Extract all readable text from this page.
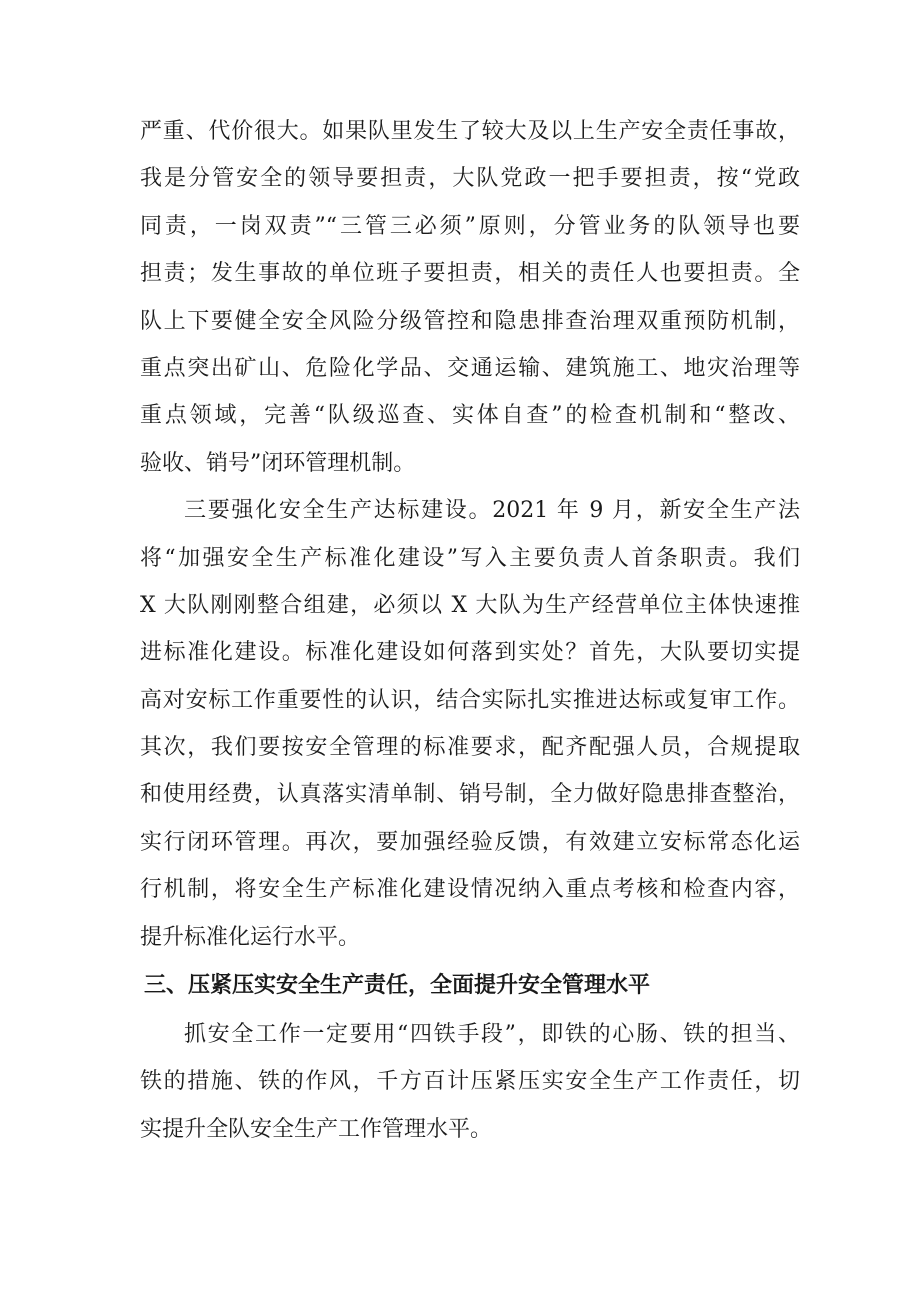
严重、代价很大。如果队里发生了较大及以上生产安全责任事故，
我是分管安全的领导要担责，大队党政一把手要担责，按“党政
同责，一岗双责”“三管三必须”原则，分管业务的队领导也要
担责；发生事故的单位班子要担责，相关的责任人也要担责。全
队上下要健全安全风险分级管控和隐患排查治理双重预防机制，
重点突出矿山、危险化学品、交通运输、建筑施工、地灾治理等
重点领域，完善“队级巡查、实体自查”的检查机制和“整改、
验收、销号”闭环管理机制。
三要强化安全生产达标建设。2021 年 9 月，新安全生产法
将“加强安全生产标准化建设”写入主要负责人首条职责。我们
X 大队刚刚整合组建，必须以 X 大队为生产经营单位主体快速推
进标准化建设。标准化建设如何落到实处？首先，大队要切实提
高对安标工作重要性的认识，结合实际扎实推进达标或复审工作。
其次，我们要按安全管理的标准要求，配齐配强人员，合规提取
和使用经费，认真落实清单制、销号制，全力做好隐患排查整治，
实行闭环管理。再次，要加强经验反馈，有效建立安标常态化运
行机制，将安全生产标准化建设情况纳入重点考核和检查内容，
提升标准化运行水平。
三、压紧压实安全生产责任，全面提升安全管理水平
抓安全工作一定要用“四铁手段”，即铁的心肠、铁的担当、
铁的措施、铁的作风，千方百计压紧压实安全生产工作责任，切
实提升全队安全生产工作管理水平。
